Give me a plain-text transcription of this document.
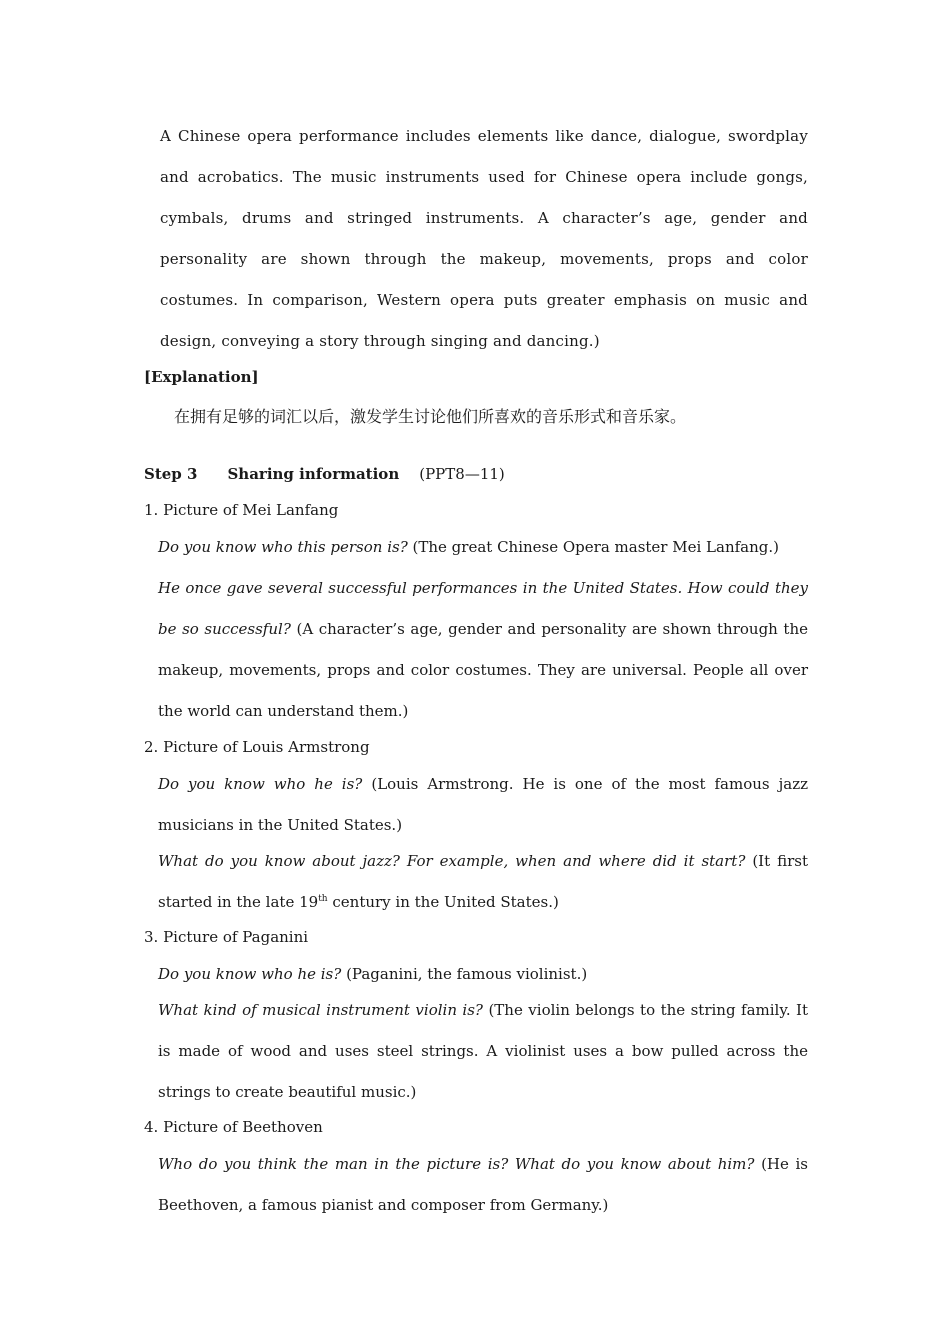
A Chinese opera performance includes elements like dance, dialogue, swordplay and acrobatics. The music instruments used for Chinese opera include gongs, cymbals, drums and stringed instruments. A character’s age, gender and personality are shown through the makeup, movements, props and color costumes. In comparison, Western opera puts greater emphasis on music and design, conveying a story through singing and dancing.)
[Explanation]
在拥有足够的词汇以后，激发学生讨论他们所喜欢的音乐形式和音乐家。
Step 3 Sharing information (PPT8—11)
1. Picture of Mei Lanfang
Do you know who this person is? (The great Chinese Opera master Mei Lanfang.)
He once gave several successful performances in the United States. How could they be so successful? (A character’s age, gender and personality are shown through the makeup, movements, props and color costumes. They are universal. People all over the world can understand them.)
2. Picture of Louis Armstrong
Do you know who he is? (Louis Armstrong. He is one of the most famous jazz musicians in the United States.)
What do you know about jazz? For example, when and where did it start? (It first started in the late 19th century in the United States.)
3. Picture of Paganini
Do you know who he is? (Paganini, the famous violinist.)
What kind of musical instrument violin is? (The violin belongs to the string family. It is made of wood and uses steel strings. A violinist uses a bow pulled across the strings to create beautiful music.)
4. Picture of Beethoven
Who do you think the man in the picture is? What do you know about him? (He is Beethoven, a famous pianist and composer from Germany.)
